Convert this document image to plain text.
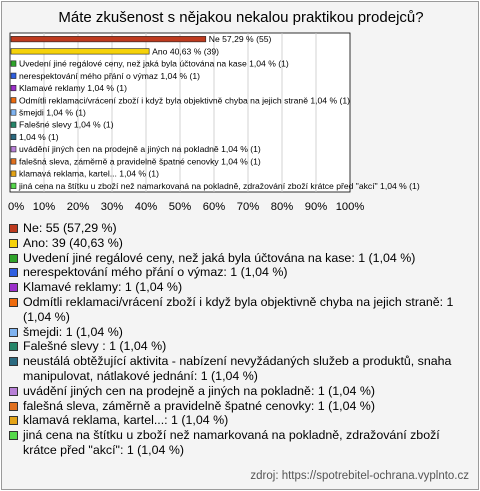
Máte zkušenost s nějakou nekalou praktikou prodejců?
Ne 57,29 % (55)
Ano 40,63 % (39)
Uvedení jiné regálové ceny, než jaká byla účtována na kase 1,04 % (1)
nerespektování mého přání o výmaz 1,04 % (1)
Klamavé reklamy 1,04 % (1)
Odmítli reklamaci/vrácení zboží i když byla objektivně chyba na jejich straně 1,04 % (1)
šmejdi 1,04 % (1)
Falešné slevy 1,04 % (1)
1,04 % (1)
uvádění jiných cen na prodejně a jiných na pokladně 1,04 % (1)
falešná sleva, záměrně a pravidelně špatné cenovky 1,04 % (1)
klamavá reklama, kartel... 1,04 % (1)
jiná cena na štítku u zboží než namarkovaná na pokladně, zdražování zboží krátce před "akcí" 1,04 % (1)
0% 10% 20% 30% 40% 50% 60% 70% 80% 90% 100%
Ne: 55 (57,29 %)
Ano: 39 (40,63 %)
Uvedení jiné regálové ceny, než jaká byla účtována na kase: 1 (1,04 %)
nerespektování mého přání o výmaz: 1 (1,04 %)
Klamavé reklamy: 1 (1,04 %)
Odmítli reklamaci/vrácení zboží i když byla objektivně chyba na jejich straně: 1 (1,04 %)
šmejdi: 1 (1,04 %)
Falešné slevy : 1 (1,04 %)
neustálá obtěžující aktivita - nabízení nevyžádaných služeb a produktů, snaha manipulovat, nátlakové jednání: 1 (1,04 %)
uvádění jiných cen na prodejně a jiných na pokladně: 1 (1,04 %)
falešná sleva, záměrně a pravidelně špatné cenovky: 1 (1,04 %)
klamavá reklama, kartel...: 1 (1,04 %)
jiná cena na štítku u zboží než namarkovaná na pokladně, zdražování zboží krátce před "akcí": 1 (1,04 %)
zdroj: https://spotrebitel-ochrana.vyplnto.cz
